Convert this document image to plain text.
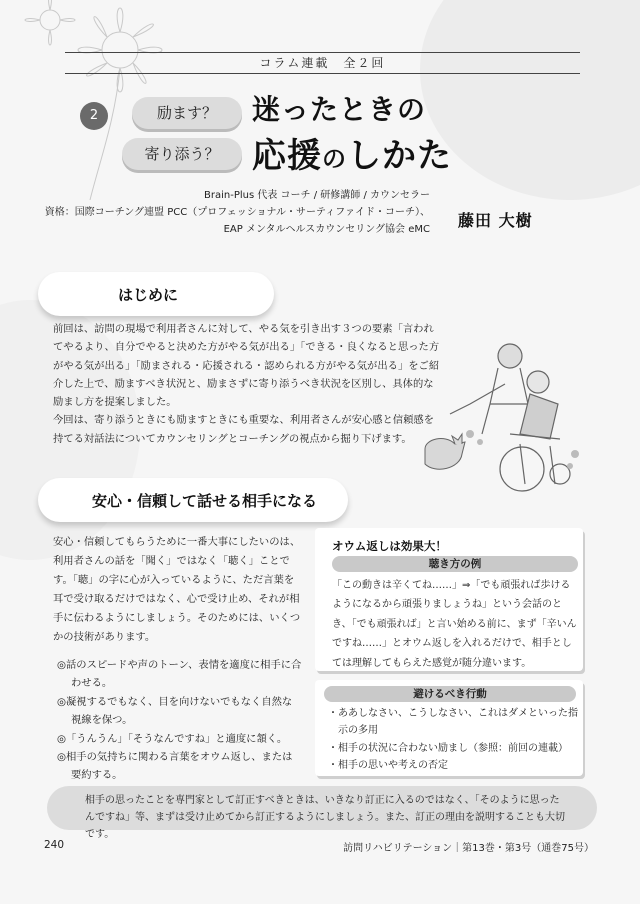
コラム連載　全２回
2	励ます？
寄り添う？
迷ったときの
応援のしかた
Brain-Plus 代表 コーチ / 研修講師 / カウンセラー
資格：国際コーチング連盟 PCC（プロフェッショナル・サーティファイド・コーチ）、
EAP メンタルヘルスカウンセリング協会 eMC 藤田 大樹
はじめに

前回は、訪問の現場で利用者さんに対して、やる気を引き出す３つの要素「言われてやるより、自分でやると決めた方がやる気が出る」「できる・良くなると思った方がやる気が出る」「励まされる・応援される・認められる方がやる気が出る」をご紹介した上で、励ますべき状況と、励まさずに寄り添うべき状況を区別し、具体的な励まし方を提案しました。

今回は、寄り添うときにも励ますときにも重要な、利用者さんが安心感と信頼感を持てる対話法についてカウンセリングとコーチングの視点から掘り下げます。

安心・信頼して話せる相手になる

安心・信頼してもらうために一番大事にしたいのは、利用者さんの話を「聞く」ではなく「聴く」ことです。「聴」の字に心が入っているように、ただ言葉を耳で受け取るだけではなく、心で受け止め、それが相手に伝わるようにしましょう。そのためには、いくつかの技術があります。

◎話のスピードや声のトーン、表情を適度に相手に合わせる。
◎凝視するでもなく、目を向けないでもなく自然な視線を保つ。
◎「うんうん」「そうなんですね」と適度に頷く。
◎相手の気持ちに関わる言葉をオウム返し、または要約する。
オウム返しは効果大！
聴き方の例
「この動きは辛くてね……」⇒「でも頑張れば歩けるようになるから頑張りましょうね」という会話のとき、「でも頑張れば」と言い始める前に、まず「辛いんですね……」とオウム返しを入れるだけで、相手としては理解してもらえた感覚が随分違います。
避けるべき行動
・ああしなさい、こうしなさい、これはダメといった指示の多用
・相手の状況に合わない励まし（参照：前回の連載）
・相手の思いや考えの否定
相手の思ったことを専門家として訂正すべきときは、いきなり訂正に入るのではなく、「そのように思ったんですね」等、まずは受け止めてから訂正するようにしましょう。また、訂正の理由を説明することも大切です。
240	訪問リハビリテーション｜第13巻・第3号（通巻75号）
